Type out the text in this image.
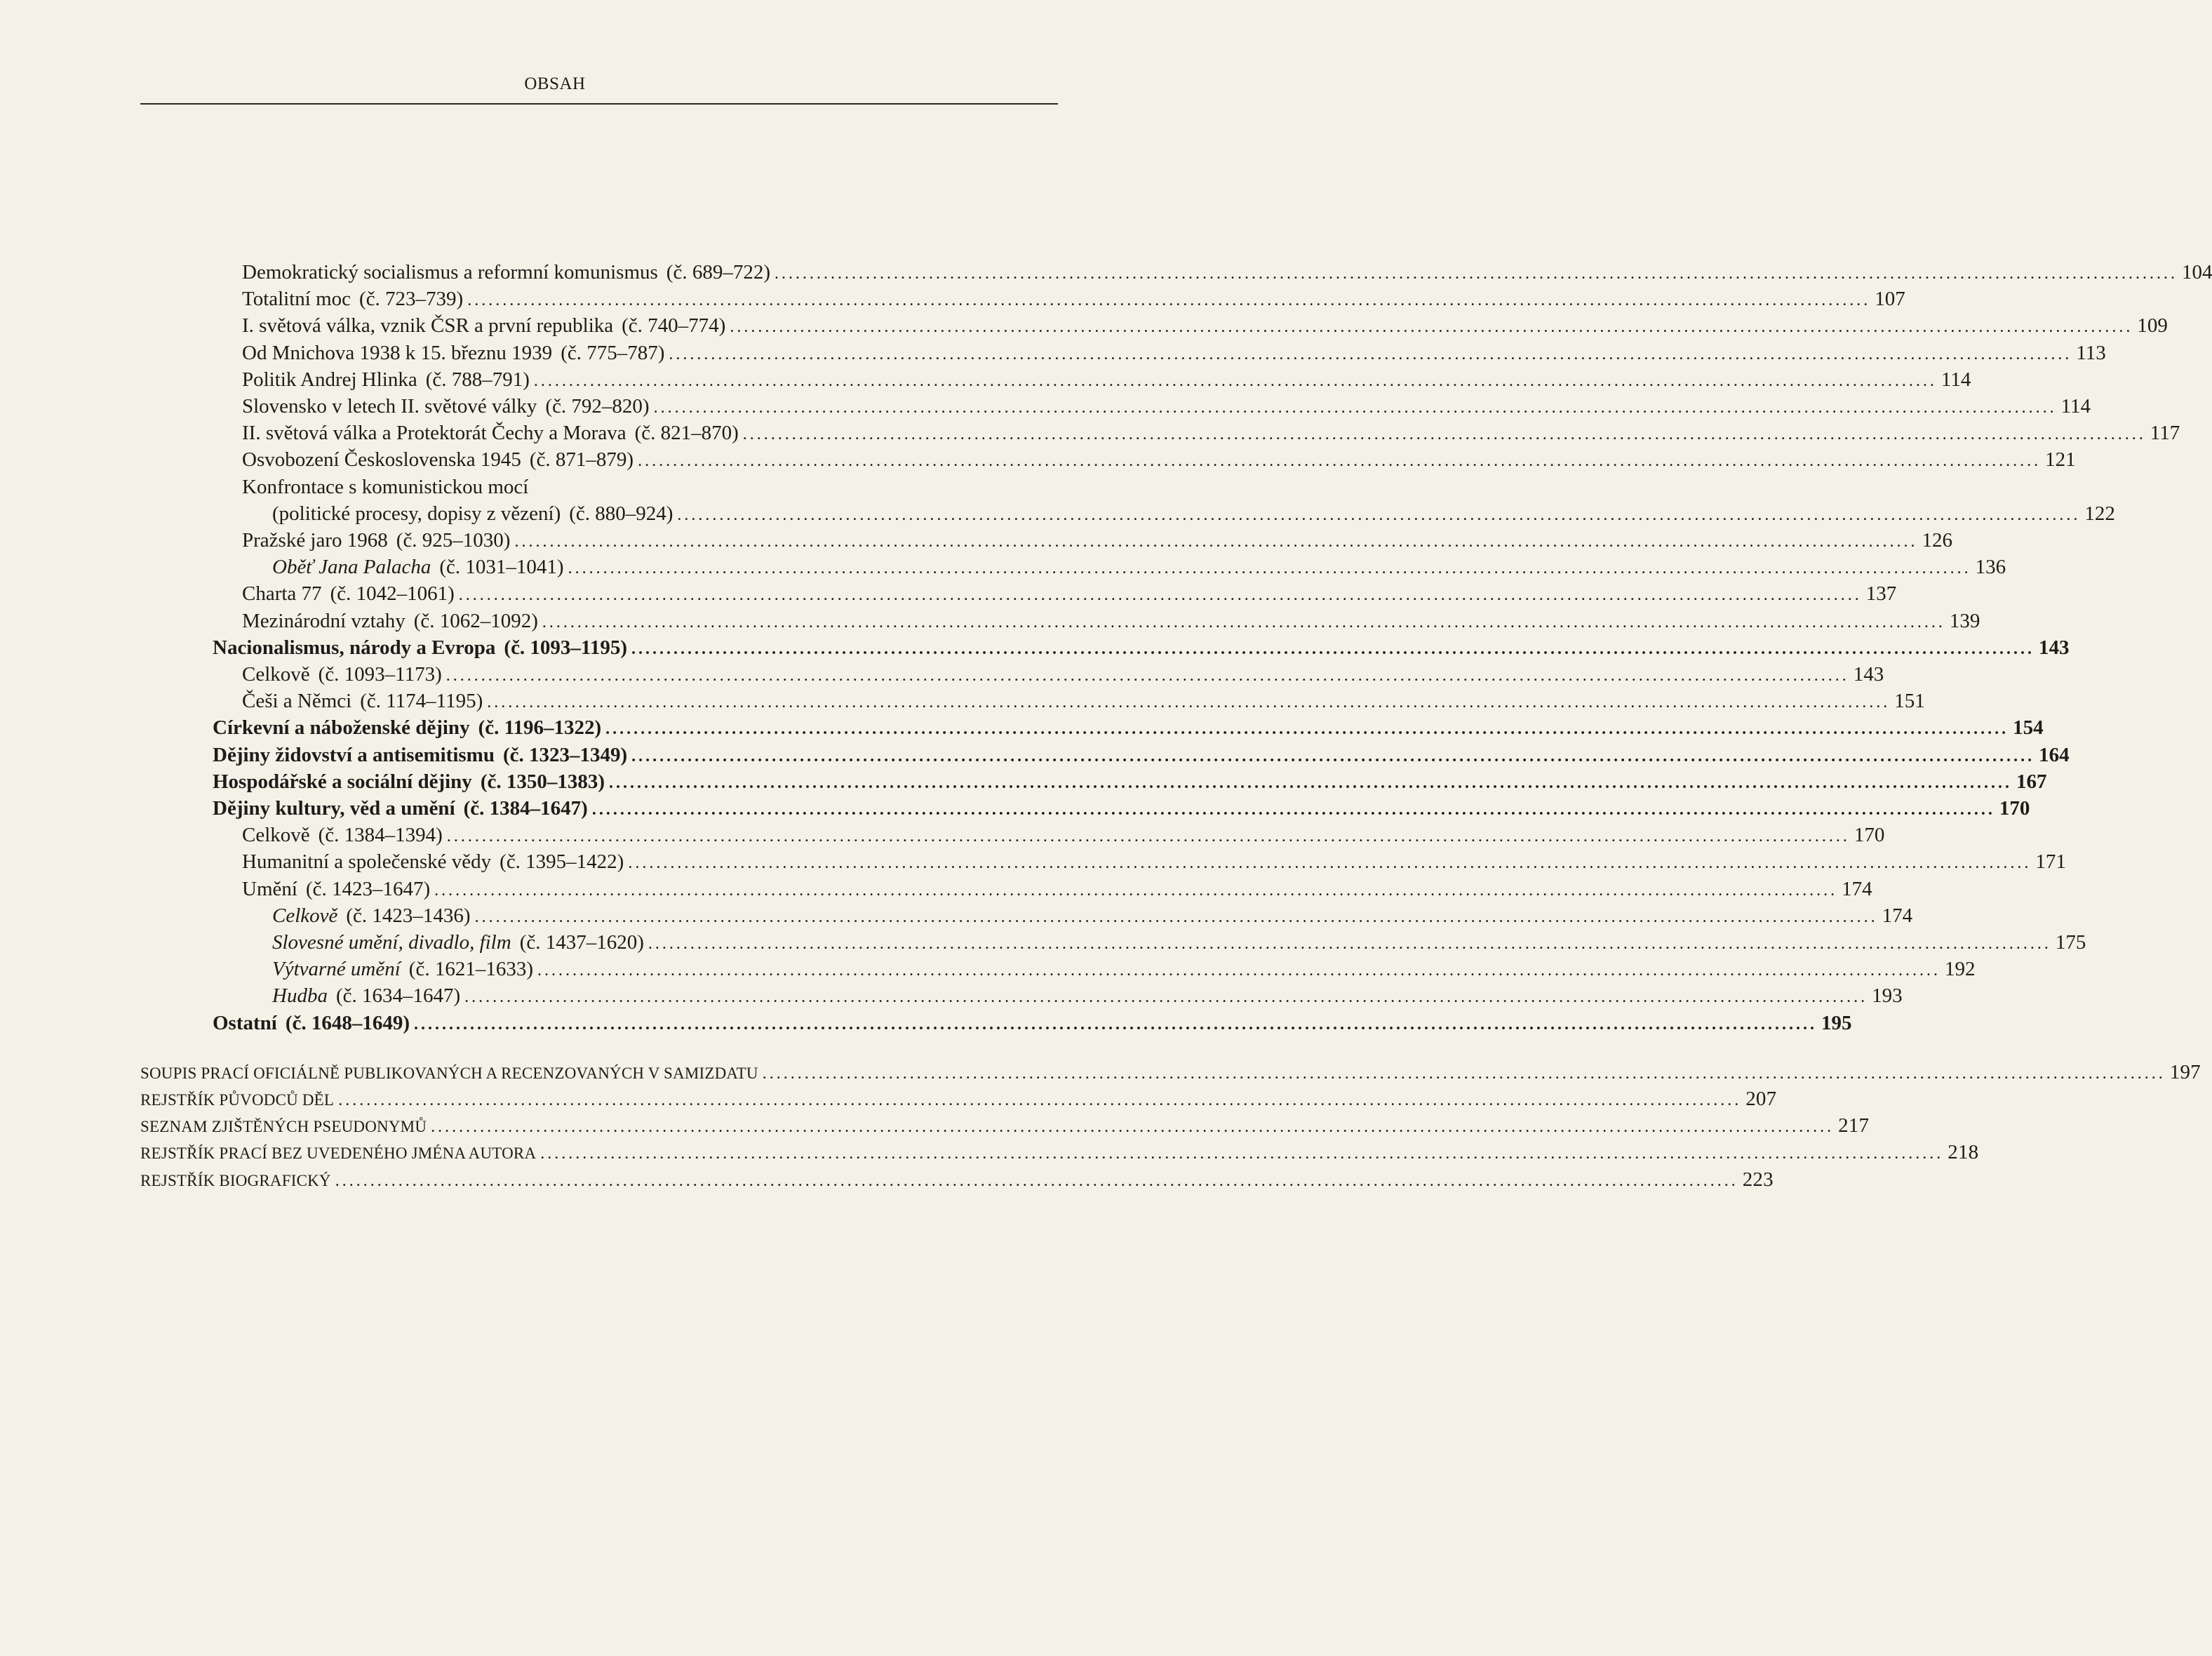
OBSAH
Demokratický socialismus a reformní komunismus (č. 689–722) ........................................................................................................................................................................................................ 104
Totalitní moc (č. 723–739) ........................................................................................................................................................................................................ 107
I. světová válka, vznik ČSR a první republika (č. 740–774) ........................................................................................................................................................................................................ 109
Od Mnichova 1938 k 15. březnu 1939 (č. 775–787) ........................................................................................................................................................................................................ 113
Politik Andrej Hlinka (č. 788–791) ........................................................................................................................................................................................................ 114
Slovensko v letech II. světové války (č. 792–820) ........................................................................................................................................................................................................ 114
II. světová válka a Protektorát Čechy a Morava (č. 821–870) ........................................................................................................................................................................................................ 117
Osvobození Československa 1945 (č. 871–879) ........................................................................................................................................................................................................ 121
Konfrontace s komunistickou mocí
(politické procesy, dopisy z vězení) (č. 880–924) ........................................................................................................................................................................................................ 122
Pražské jaro 1968 (č. 925–1030) ........................................................................................................................................................................................................ 126
Oběť Jana Palacha (č. 1031–1041) ........................................................................................................................................................................................................ 136
Charta 77 (č. 1042–1061) ........................................................................................................................................................................................................ 137
Mezinárodní vztahy (č. 1062–1092) ........................................................................................................................................................................................................ 139
Nacionalismus, národy a Evropa (č. 1093–1195) ........................................................................................................................................................................................................ 143
Celkově (č. 1093–1173) ........................................................................................................................................................................................................ 143
Češi a Němci (č. 1174–1195) ........................................................................................................................................................................................................ 151
Církevní a náboženské dějiny (č. 1196–1322) ........................................................................................................................................................................................................ 154
Dějiny židovství a antisemitismu (č. 1323–1349) ........................................................................................................................................................................................................ 164
Hospodářské a sociální dějiny (č. 1350–1383) ........................................................................................................................................................................................................ 167
Dějiny kultury, věd a umění (č. 1384–1647) ........................................................................................................................................................................................................ 170
Celkově (č. 1384–1394) ........................................................................................................................................................................................................ 170
Humanitní a společenské vědy (č. 1395–1422) ........................................................................................................................................................................................................ 171
Umění (č. 1423–1647) ........................................................................................................................................................................................................ 174
Celkově (č. 1423–1436) ........................................................................................................................................................................................................ 174
Slovesné umění, divadlo, film (č. 1437–1620) ........................................................................................................................................................................................................ 175
Výtvarné umění (č. 1621–1633) ........................................................................................................................................................................................................ 192
Hudba (č. 1634–1647) ........................................................................................................................................................................................................ 193
Ostatní (č. 1648–1649) ........................................................................................................................................................................................................ 195
SOUPIS PRACÍ OFICIÁLNĚ PUBLIKOVANÝCH A RECENZOVANÝCH V SAMIZDATU ........................................................................................................................................................................................................ 197
REJSTŘÍK PŮVODCŮ DĚL ........................................................................................................................................................................................................ 207
SEZNAM ZJIŠTĚNÝCH PSEUDONYMŮ ........................................................................................................................................................................................................ 217
REJSTŘÍK PRACÍ BEZ UVEDENÉHO JMÉNA AUTORA ........................................................................................................................................................................................................ 218
REJSTŘÍK BIOGRAFICKÝ ........................................................................................................................................................................................................ 223
